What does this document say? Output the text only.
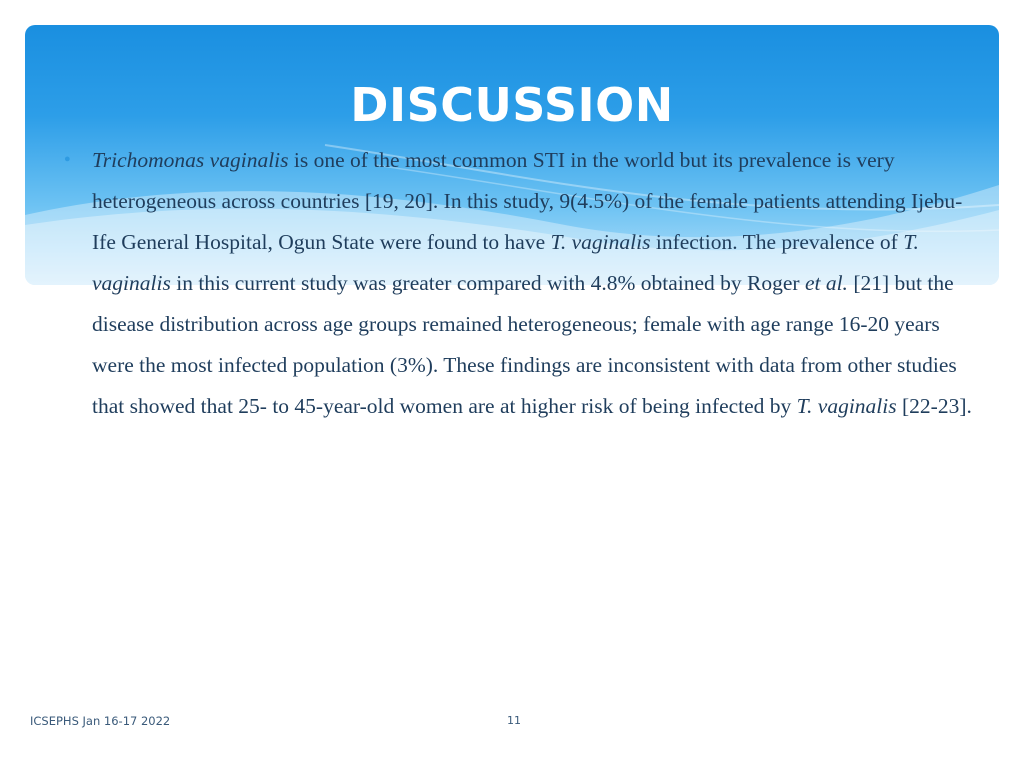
DISCUSSION
● Trichomonas vaginalis is one of the most common STI in the world but its prevalence is very heterogeneous across countries [19, 20]. In this study, 9(4.5%) of the female patients attending Ijebu-Ife General Hospital, Ogun State were found to have T. vaginalis infection. The prevalence of T. vaginalis in this current study was greater compared with 4.8% obtained by Roger et al. [21] but the disease distribution across age groups remained heterogeneous; female with age range 16-20 years were the most infected population (3%). These findings are inconsistent with data from other studies that showed that 25- to 45-year-old women are at higher risk of being infected by T. vaginalis [22-23].

ICSEPHS Jan 16-17 2022	11
